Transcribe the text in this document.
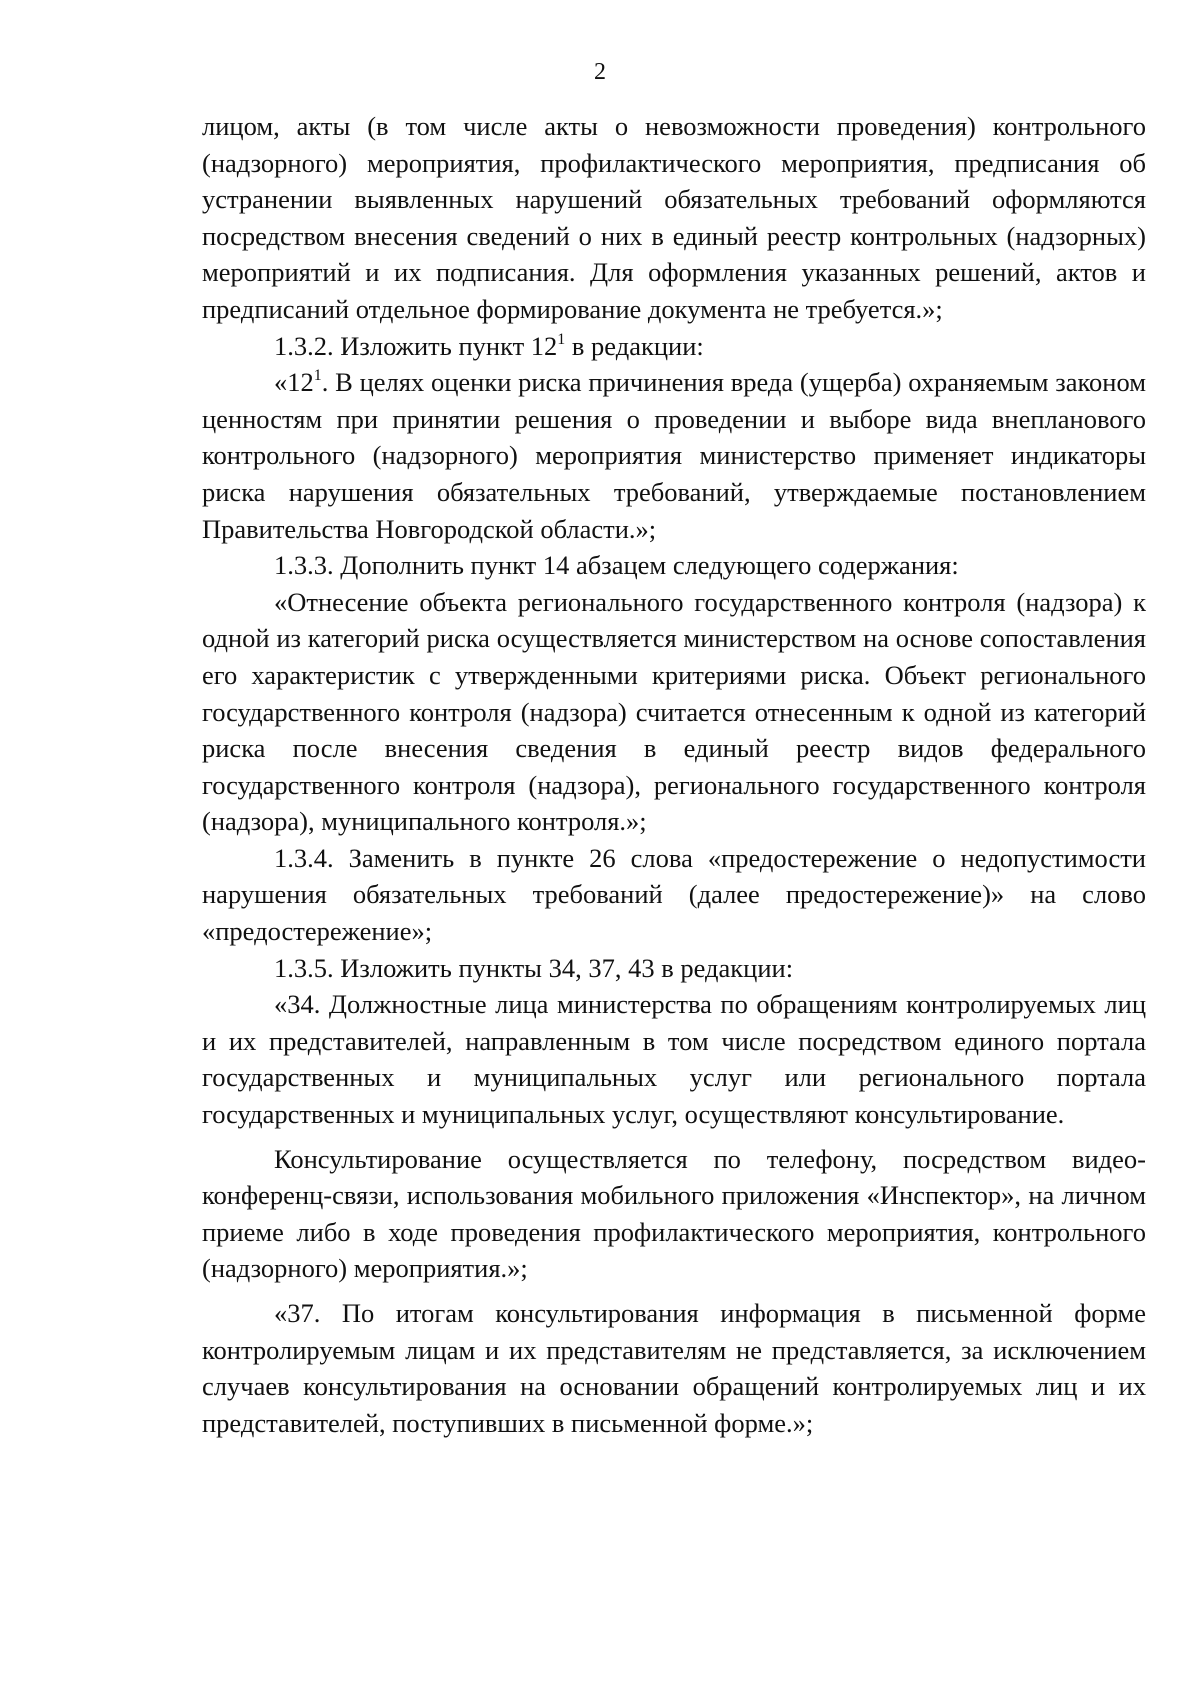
2

лицом, акты (в том числе акты о невозможности проведения) контрольного (надзорного) мероприятия, профилактического мероприятия, предписания об устранении выявленных нарушений обязательных требований оформляются посредством внесения сведений о них в единый реестр контрольных (надзорных) мероприятий и их подписания. Для оформления указанных решений, актов и предписаний отдельное формирование документа не требуется.»;

1.3.2. Изложить пункт $12^1$ в редакции:

«$12^1$. В целях оценки риска причинения вреда (ущерба) охраняемым законом ценностям при принятии решения о проведении и выборе вида внепланового контрольного (надзорного) мероприятия министерство применяет индикаторы риска нарушения обязательных требований, утверждаемые постановлением Правительства Новгородской области.»;

1.3.3. Дополнить пункт 14 абзацем следующего содержания:

«Отнесение объекта регионального государственного контроля (надзора) к одной из категорий риска осуществляется министерством на основе сопоставления его характеристик с утвержденными критериями риска. Объект регионального государственного контроля (надзора) считается отнесенным к одной из категорий риска после внесения сведения в единый реестр видов федерального государственного контроля (надзора), регионального государственного контроля (надзора), муниципального контроля.»;

1.3.4. Заменить в пункте 26 слова «предостережение о недопустимости нарушения обязательных требований (далее предостережение)» на слово «предостережение»;

1.3.5. Изложить пункты 34, 37, 43 в редакции:

«34. Должностные лица министерства по обращениям контролируемых лиц и их представителей, направленным в том числе посредством единого портала государственных и муниципальных услуг или регионального портала государственных и муниципальных услуг, осуществляют консультирование.

Консультирование осуществляется по телефону, посредством видео-конференц-связи, использования мобильного приложения «Инспектор», на личном приеме либо в ходе проведения профилактического мероприятия, контрольного (надзорного) мероприятия.»;

«37. По итогам консультирования информация в письменной форме контролируемым лицам и их представителям не представляется, за исключением случаев консультирования на основании обращений контролируемых лиц и их представителей, поступивших в письменной форме.»;
